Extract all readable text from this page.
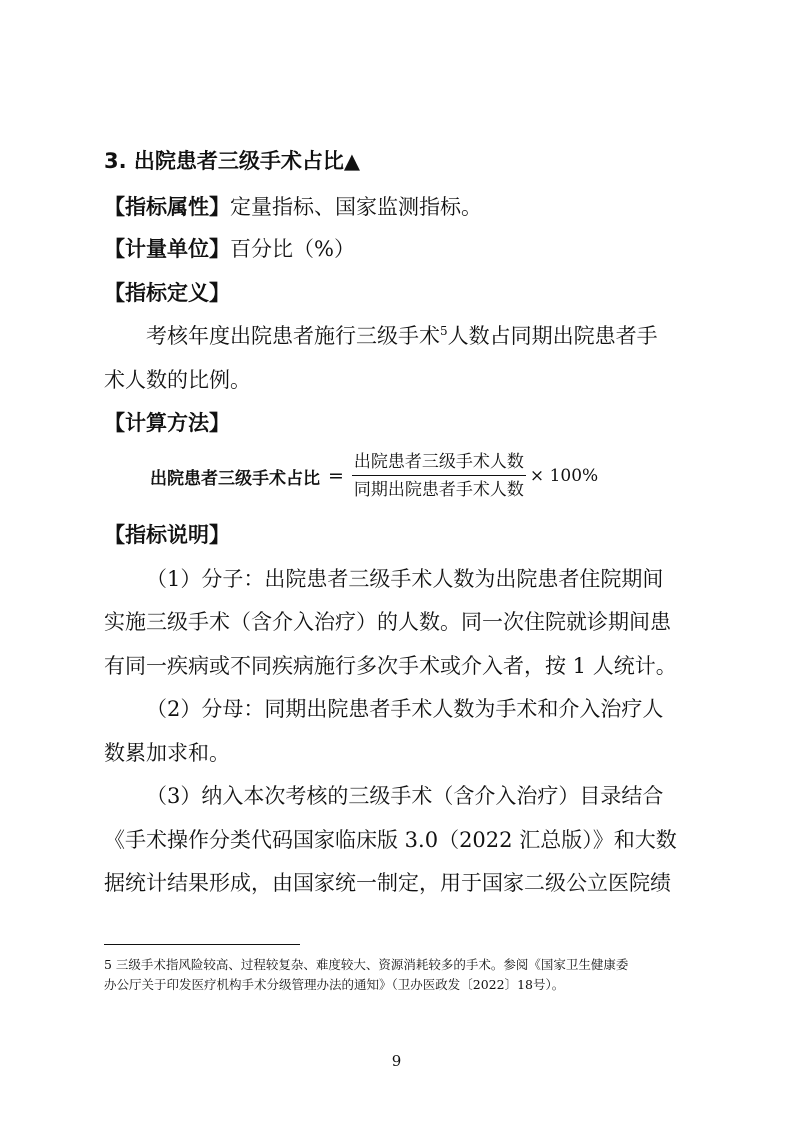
3. 出院患者三级手术占比▲
【指标属性】定量指标、国家监测指标。
【计量单位】百分比（%）
【指标定义】
考核年度出院患者施行三级手术$^5$人数占同期出院患者手
术人数的比例。
【计算方法】
出院患者三级手术占比 = $\frac{\text{出院患者三级手术人数}}{\text{同期出院患者手术人数}} \times 100\%$
【指标说明】
（1）分子：出院患者三级手术人数为出院患者住院期间
实施三级手术（含介入治疗）的人数。同一次住院就诊期间患
有同一疾病或不同疾病施行多次手术或介入者，按 1 人统计。
（2）分母：同期出院患者手术人数为手术和介入治疗人
数累加求和。
（3）纳入本次考核的三级手术（含介入治疗）目录结合
《手术操作分类代码国家临床版 3.0（2022 汇总版）》和大数
据统计结果形成，由国家统一制定，用于国家二级公立医院绩
5 三级手术指风险较高、过程较复杂、难度较大、资源消耗较多的手术。参阅《国家卫生健康委
办公厅关于印发医疗机构手术分级管理办法的通知》（卫办医政发〔2022〕18号）。
9
